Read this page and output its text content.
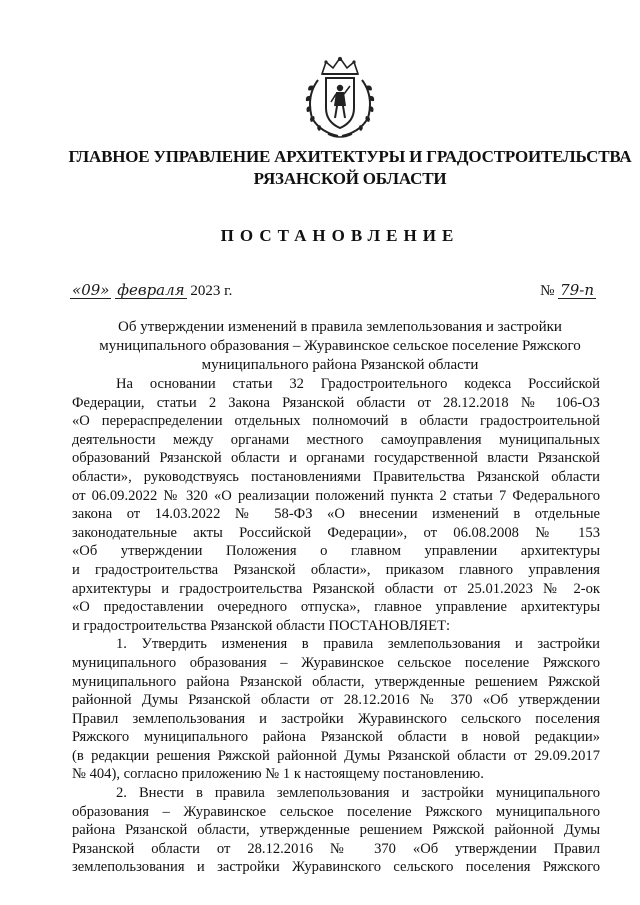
ГЛАВНОЕ УПРАВЛЕНИЕ АРХИТЕКТУРЫ И ГРАДОСТРОИТЕЛЬСТВА
РЯЗАНСКОЙ ОБЛАСТИ
ПОСТАНОВЛЕНИЕ
«09» февраля 2023 г.	№ 79-п
Об утверждении изменений в правила землепользования и застройки
муниципального образования – Журавинское сельское поселение Ряжского
муниципального района Рязанской области
На основании статьи 32 Градостроительного кодекса Российской
Федерации, статьи 2 Закона Рязанской области от 28.12.2018 № 106-ОЗ
«О перераспределении отдельных полномочий в области градостроительной
деятельности между органами местного самоуправления муниципальных
образований Рязанской области и органами государственной власти Рязанской
области», руководствуясь постановлениями Правительства Рязанской области
от 06.09.2022 № 320 «О реализации положений пункта 2 статьи 7 Федерального
закона от 14.03.2022 № 58-ФЗ «О внесении изменений в отдельные
законодательные акты Российской Федерации», от 06.08.2008 № 153
«Об утверждении Положения о главном управлении архитектуры
и градостроительства Рязанской области», приказом главного управления
архитектуры и градостроительства Рязанской области от 25.01.2023 № 2-ок
«О предоставлении очередного отпуска», главное управление архитектуры
и градостроительства Рязанской области ПОСТАНОВЛЯЕТ:
1. Утвердить изменения в правила землепользования и застройки
муниципального образования – Журавинское сельское поселение Ряжского
муниципального района Рязанской области, утвержденные решением Ряжской
районной Думы Рязанской области от 28.12.2016 № 370 «Об утверждении
Правил землепользования и застройки Журавинского сельского поселения
Ряжского муниципального района Рязанской области в новой редакции»
(в редакции решения Ряжской районной Думы Рязанской области от 29.09.2017
№ 404), согласно приложению № 1 к настоящему постановлению.
2. Внести в правила землепользования и застройки муниципального
образования – Журавинское сельское поселение Ряжского муниципального
района Рязанской области, утвержденные решением Ряжской районной Думы
Рязанской области от 28.12.2016 № 370 «Об утверждении Правил
землепользования и застройки Журавинского сельского поселения Ряжского
